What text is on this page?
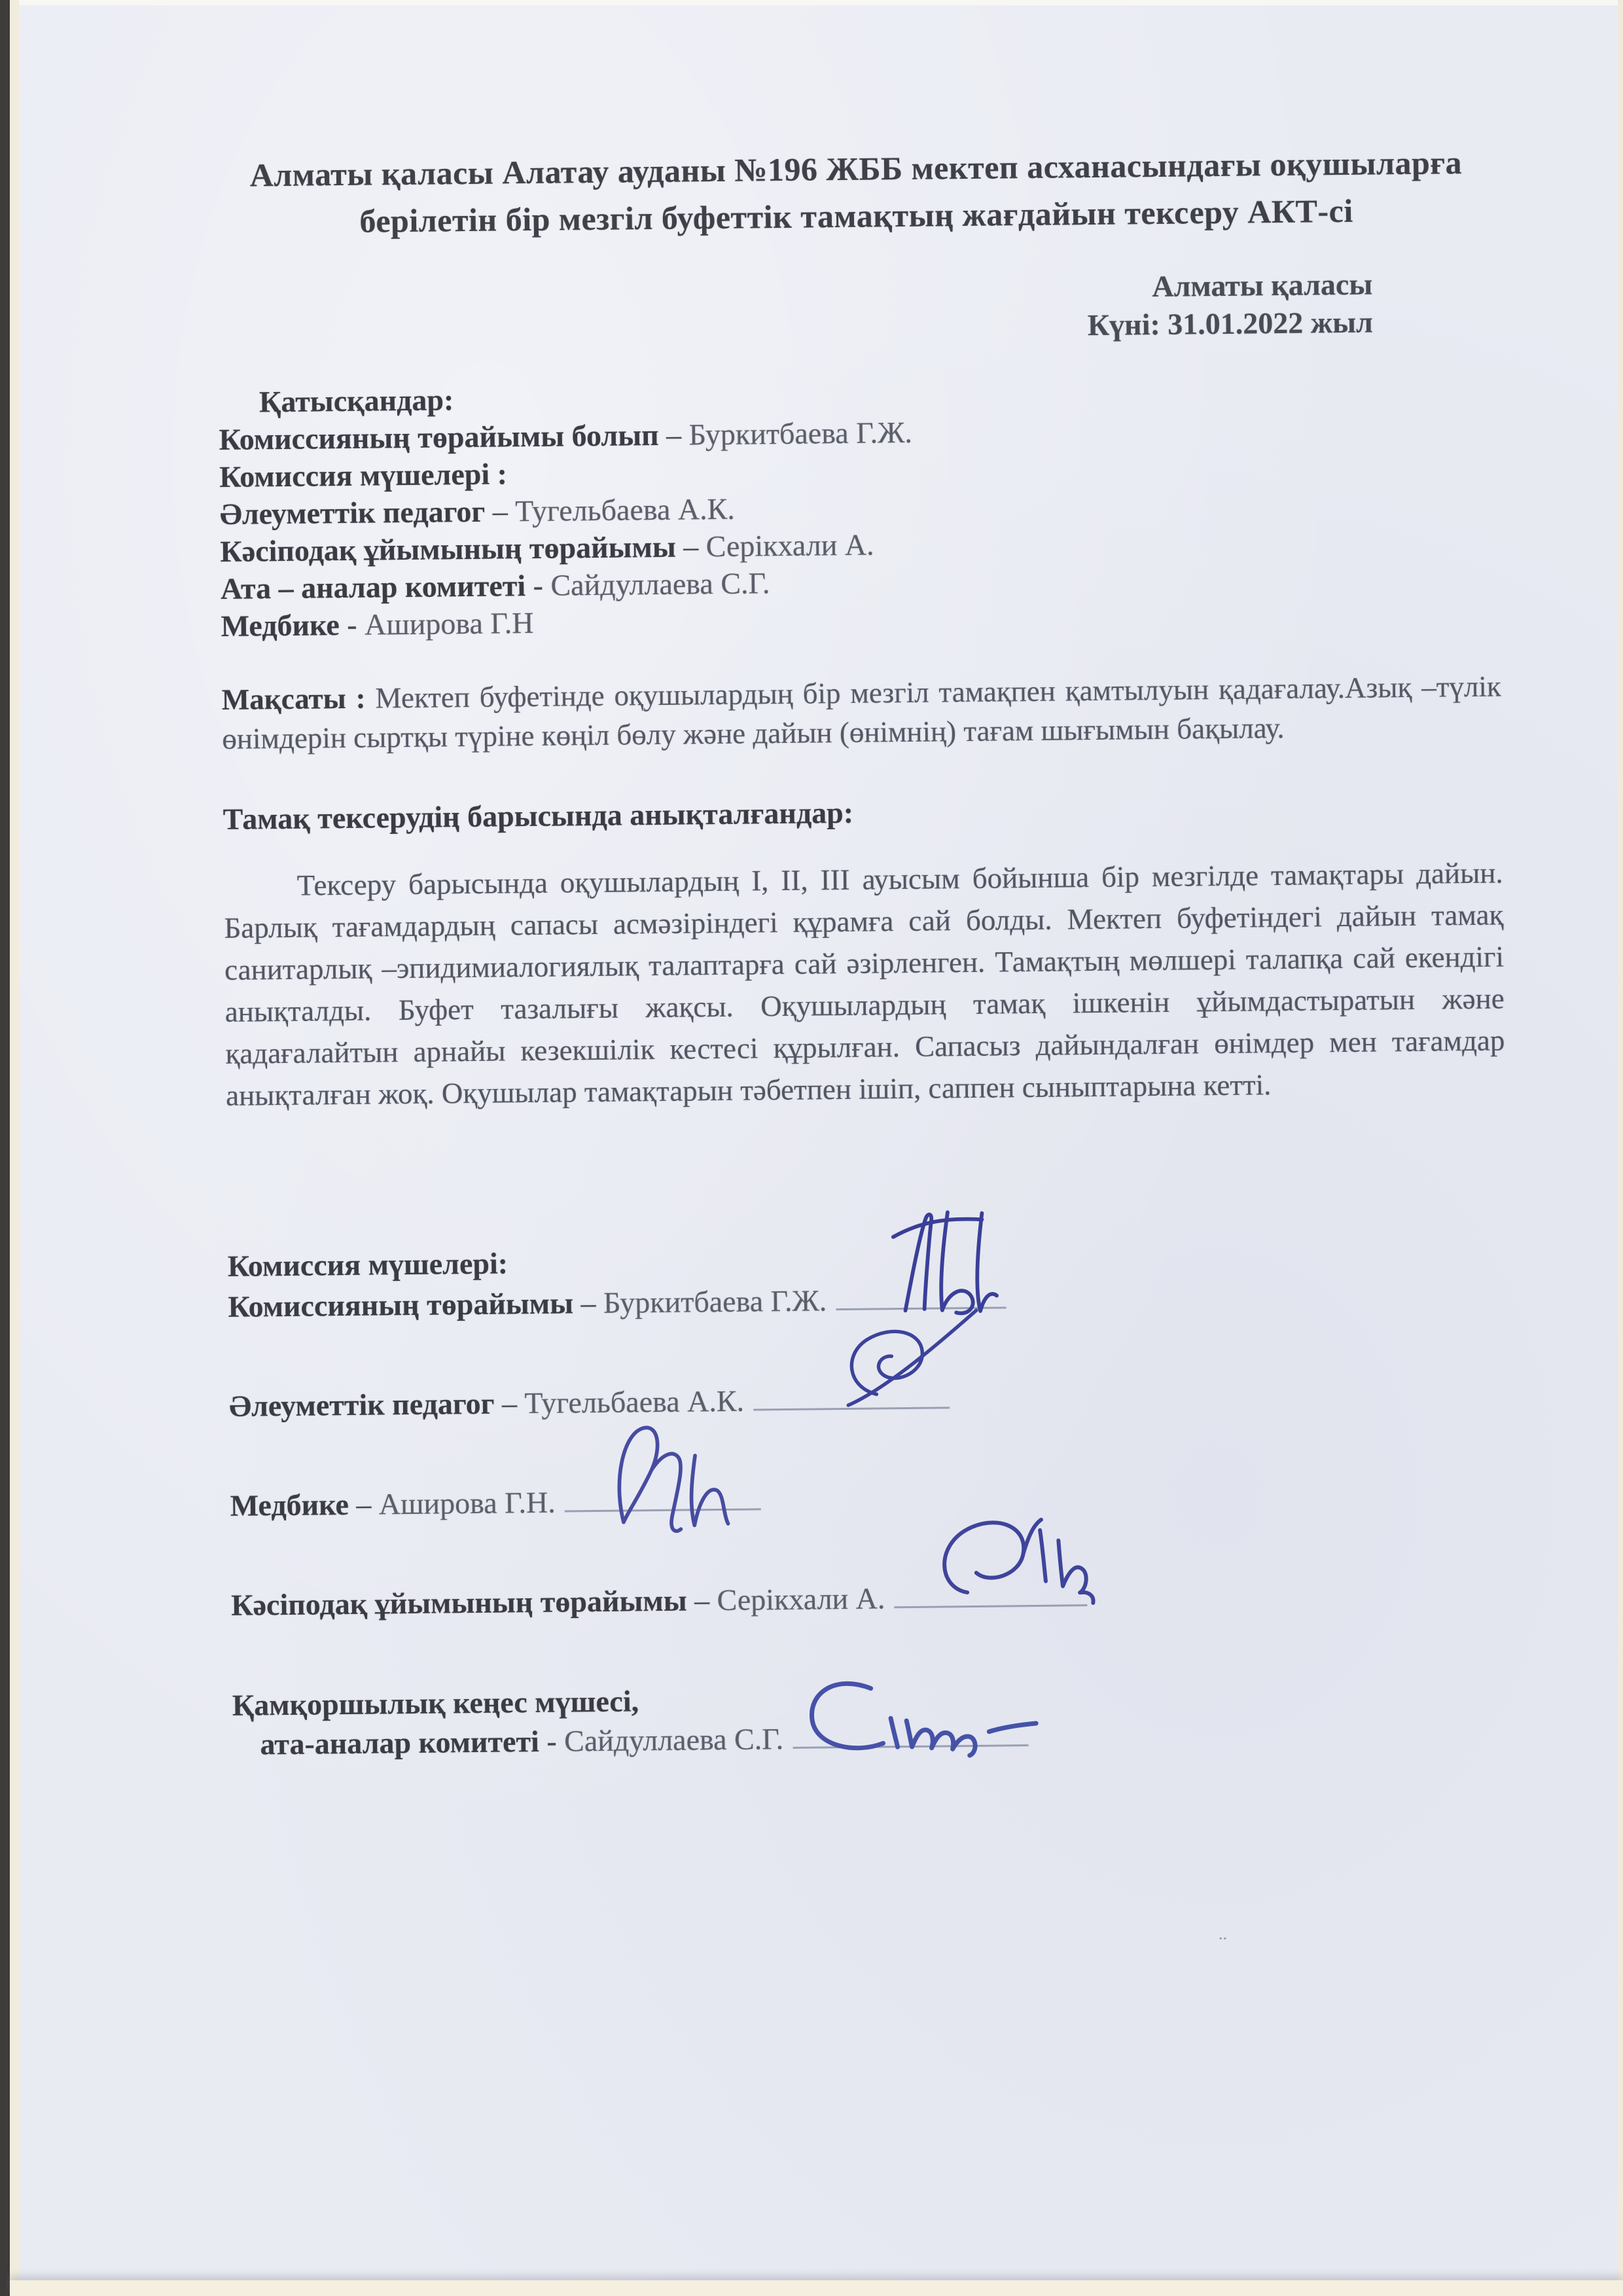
Алматы қаласы Алатау ауданы №196 ЖББ мектеп асханасындағы оқушыларға
берілетін бір мезгіл буфеттік тамақтың жағдайын тексеру АКТ-сі
Алматы қаласы
Күні: 31.01.2022 жыл
Қатысқандар:
Комиссияның төрайымы болып – Буркитбаева Г.Ж.
Комиссия мүшелері :
Әлеуметтік педагог – Тугельбаева А.К.
Кәсіподақ ұйымының төрайымы – Серікхали А.
Ата – аналар комитеті - Сайдуллаева С.Г.
Медбике - Аширова Г.Н

Мақсаты : Мектеп буфетінде оқушылардың бір мезгіл тамақпен қамтылуын қадағалау.Азық –түлік өнімдерін сыртқы түріне көңіл бөлу және дайын (өнімнің) тағам шығымын бақылау.

Тамақ тексерудің барысында анықталғандар:

Тексеру барысында оқушылардың I, II, III ауысым бойынша бір мезгілде тамақтары дайын. Барлық тағамдардың сапасы асмәзіріндегі құрамға сай болды. Мектеп буфетіндегі дайын тамақ санитарлық –эпидимиалогиялық талаптарға сай әзірленген. Тамақтың мөлшері талапқа сай екендігі анықталды. Буфет тазалығы жақсы. Оқушылардың тамақ ішкенін ұйымдастыратын және қадағалайтын арнайы кезекшілік кестесі құрылған. Сапасыз дайындалған өнімдер мен тағамдар анықталған жоқ. Оқушылар тамақтарын тәбетпен ішіп, саппен сыныптарына кетті.

Комиссия мүшелері:
Комиссияның төрайымы – Буркитбаева Г.Ж.
Әлеуметтік педагог – Тугельбаева А.К.
Медбике – Аширова Г.Н.
Кәсіподақ ұйымының төрайымы – Серікхали А.
Қамқоршылық кеңес мүшесі,
ата-аналар комитеті - Сайдуллаева С.Г.
..
